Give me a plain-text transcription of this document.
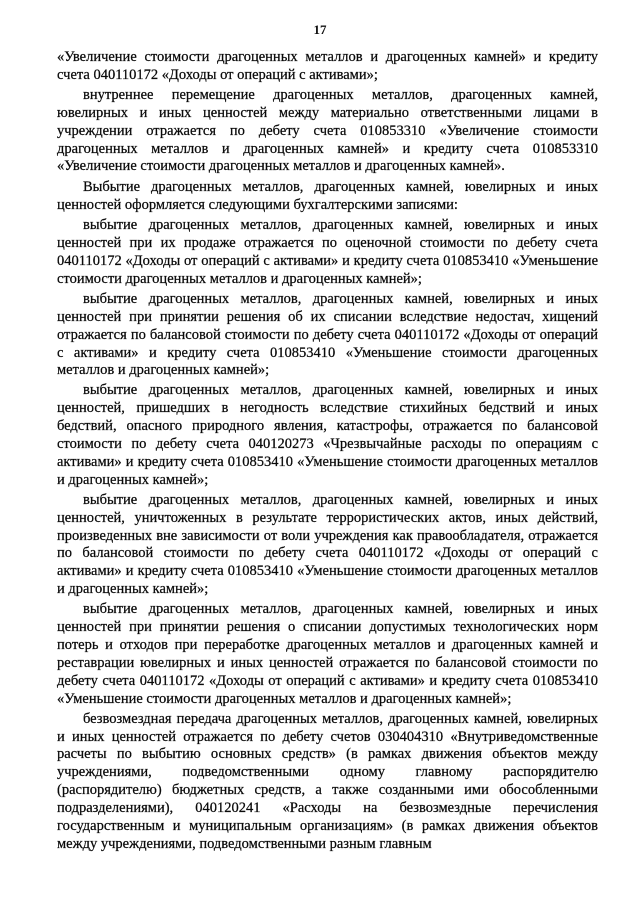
17

«Увеличение стоимости драгоценных металлов и драгоценных камней» и кредиту счета 040110172 «Доходы от операций с активами»;

внутреннее перемещение драгоценных металлов, драгоценных камней, ювелирных и иных ценностей между материально ответственными лицами в учреждении отражается по дебету счета 010853310 «Увеличение стоимости драгоценных металлов и драгоценных камней» и кредиту счета 010853310 «Увеличение стоимости драгоценных металлов и драгоценных камней».

Выбытие драгоценных металлов, драгоценных камней, ювелирных и иных ценностей оформляется следующими бухгалтерскими записями:

выбытие драгоценных металлов, драгоценных камней, ювелирных и иных ценностей при их продаже отражается по оценочной стоимости по дебету счета 040110172 «Доходы от операций с активами» и кредиту счета 010853410 «Уменьшение стоимости драгоценных металлов и драгоценных камней»;

выбытие драгоценных металлов, драгоценных камней, ювелирных и иных ценностей при принятии решения об их списании вследствие недостач, хищений отражается по балансовой стоимости по дебету счета 040110172 «Доходы от операций с активами» и кредиту счета 010853410 «Уменьшение стоимости драгоценных металлов и драгоценных камней»;

выбытие драгоценных металлов, драгоценных камней, ювелирных и иных ценностей, пришедших в негодность вследствие стихийных бедствий и иных бедствий, опасного природного явления, катастрофы, отражается по балансовой стоимости по дебету счета 040120273 «Чрезвычайные расходы по операциям с активами» и кредиту счета 010853410 «Уменьшение стоимости драгоценных металлов и драгоценных камней»;

выбытие драгоценных металлов, драгоценных камней, ювелирных и иных ценностей, уничтоженных в результате террористических актов, иных действий, произведенных вне зависимости от воли учреждения как правообладателя, отражается по балансовой стоимости по дебету счета 040110172 «Доходы от операций с активами» и кредиту счета 010853410 «Уменьшение стоимости драгоценных металлов и драгоценных камней»;

выбытие драгоценных металлов, драгоценных камней, ювелирных и иных ценностей при принятии решения о списании допустимых технологических норм потерь и отходов при переработке драгоценных металлов и драгоценных камней и реставрации ювелирных и иных ценностей отражается по балансовой стоимости по дебету счета 040110172 «Доходы от операций с активами» и кредиту счета 010853410 «Уменьшение стоимости драгоценных металлов и драгоценных камней»;

безвозмездная передача драгоценных металлов, драгоценных камней, ювелирных и иных ценностей отражается по дебету счетов 030404310 «Внутриведомственные расчеты по выбытию основных средств» (в рамках движения объектов между учреждениями, подведомственными одному главному распорядителю (распорядителю) бюджетных средств, а также созданными ими обособленными подразделениями), 040120241 «Расходы на безвозмездные перечисления государственным и муниципальным организациям» (в рамках движения объектов между учреждениями, подведомственными разным главным
